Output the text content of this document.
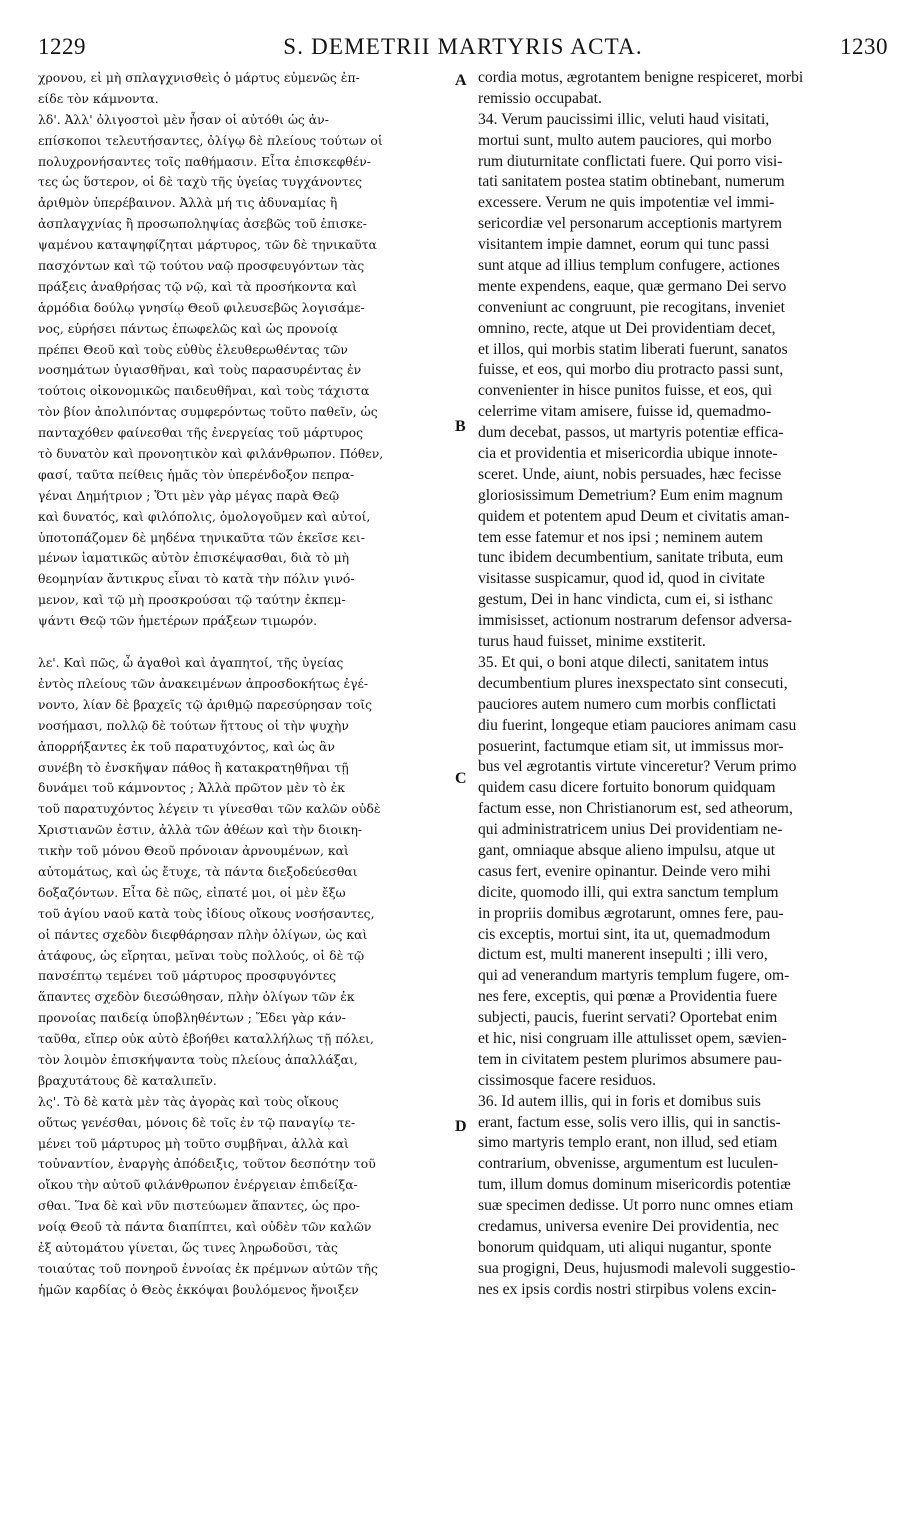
1229	S. DEMETRII MARTYRIS ACTA.	1230
χρονου, εἰ μὴ σπλαγχνισθεὶς ὁ μάρτυς εὐμενῶς ἐπ-
είδε τὸν κάμνοντα.
λδ'. Ἀλλ' ὀλιγοστοὶ μὲν ἦσαν οἱ αὐτόθι ὡς ἀν-
επίσκοποι τελευτήσαντες, ὀλίγῳ δὲ πλείους τούτων οἱ
πολυχρονήσαντες τοῖς παθήμασιν. Εἶτα ἐπισκεφθέν-
τες ὡς ὕστερον, οἱ δὲ ταχὺ τῆς ὑγείας τυγχάνοντες
ἀριθμὸν ὑπερέβαινον. Ἀλλὰ μή τις ἀδυναμίας ἢ
ἀσπλαγχνίας ἢ προσωποληψίας ἀσεβῶς τοῦ ἐπισκε-
ψαμένου καταψηφίζηται μάρτυρος, τῶν δὲ τηνικαῦτα
πασχόντων καὶ τῷ τούτου ναῷ προσφευγόντων τὰς
πράξεις ἀναθρήσας τῷ νῷ, καὶ τὰ προσήκοντα καὶ
ἁρμόδια δούλῳ γνησίῳ Θεοῦ φιλευσεβῶς λογισάμε-
νος, εὑρήσει πάντως ἐπωφελῶς καὶ ὡς προνοίᾳ
πρέπει Θεοῦ καὶ τοὺς εὐθὺς ἐλευθερωθέντας τῶν
νοσημάτων ὑγιασθῆναι, καὶ τοὺς παρασυρέντας ἐν
τούτοις οἰκονομικῶς παιδευθῆναι, καὶ τοὺς τάχιστα
τὸν βίον ἀπολιπόντας συμφερόντως τοῦτο παθεῖν, ὡς
πανταχόθεν φαίνεσθαι τῆς ἐνεργείας τοῦ μάρτυρος
τὸ δυνατὸν καὶ προνοητικὸν καὶ φιλάνθρωπον. Πόθεν,
φασί, ταῦτα πείθεις ἡμᾶς τὸν ὑπερένδοξον πεπρα-
γέναι Δημήτριον ; Ὅτι μὲν γὰρ μέγας παρὰ Θεῷ
καὶ δυνατός, καὶ φιλόπολις, ὁμολογοῦμεν καὶ αὐτοί,
ὑποτοπάζομεν δὲ μηδένα τηνικαῦτα τῶν ἐκεῖσε κει-
μένων ἰαματικῶς αὐτὸν ἐπισκέψασθαι, διὰ τὸ μὴ
θεομηνίαν ἄντικρυς εἶναι τὸ κατὰ τὴν πόλιν γινό-
μενον, καὶ τῷ μὴ προσκρούσαι τῷ ταύτην ἐκπεμ-
ψάντι Θεῷ τῶν ἡμετέρων πράξεων τιμωρόν.
λε'. Καὶ πῶς, ὦ ἀγαθοὶ καὶ ἀγαπητοί, τῆς ὑγείας
ἐντὸς πλείους τῶν ἀνακειμένων ἀπροσδοκήτως ἐγέ-
νοντο, λίαν δὲ βραχεῖς τῷ ἀριθμῷ παρεσύρησαν τοῖς
νοσήμασι, πολλῷ δὲ τούτων ἥττους οἱ τὴν ψυχὴν
ἀπορρήξαντες ἐκ τοῦ παρατυχόντος, καὶ ὡς ἂν
συνέβη τὸ ἐνσκῆψαν πάθος ἢ κατακρατηθῆναι τῇ
δυνάμει τοῦ κάμνοντος ; Ἀλλὰ πρῶτον μὲν τὸ ἐκ
τοῦ παρατυχόντος λέγειν τι γίνεσθαι τῶν καλῶν οὐδὲ
Χριστιανῶν ἐστιν, ἀλλὰ τῶν ἀθέων καὶ τὴν διοικη-
τικὴν τοῦ μόνου Θεοῦ πρόνοιαν ἀρνουμένων, καὶ
αὐτομάτως, καὶ ὡς ἔτυχε, τὰ πάντα διεξοδεύεσθαι
δοξαζόντων. Εἶτα δὲ πῶς, εἰπατέ μοι, οἱ μὲν ἔξω
τοῦ ἁγίου ναοῦ κατὰ τοὺς ἰδίους οἴκους νοσήσαντες,
οἱ πάντες σχεδὸν διεφθάρησαν πλὴν ὀλίγων, ὡς καὶ
ἀτάφους, ὡς εἴρηται, μεῖναι τοὺς πολλούς, οἱ δὲ τῷ
πανσέπτῳ τεμένει τοῦ μάρτυρος προσφυγόντες
ἅπαντες σχεδὸν διεσώθησαν, πλὴν ὀλίγων τῶν ἐκ
προνοίας παιδείᾳ ὑποβληθέντων ; Ἔδει γὰρ κάν-
ταῦθα, εἴπερ οὐκ αὐτὸ ἐβοήθει καταλλήλως τῇ πόλει,
τὸν λοιμὸν ἐπισκήψαντα τοὺς πλείους ἀπαλλάξαι,
βραχυτάτους δὲ καταλιπεῖν.
λς'. Τὸ δὲ κατὰ μὲν τὰς ἀγορὰς καὶ τοὺς οἴκους
οὕτως γενέσθαι, μόνοις δὲ τοῖς ἐν τῷ παναγίῳ τε-
μένει τοῦ μάρτυρος μὴ τοῦτο συμβῆναι, ἀλλὰ καὶ
τοὐναντίον, ἐναργὴς ἀπόδειξις, τοῦτον δεσπότην τοῦ
οἴκου τὴν αὐτοῦ φιλάνθρωπον ἐνέργειαν ἐπιδείξα-
σθαι. Ἵνα δὲ καὶ νῦν πιστεύωμεν ἅπαντες, ὡς προ-
νοίᾳ Θεοῦ τὰ πάντα διαπίπτει, καὶ οὐδὲν τῶν καλῶν
ἐξ αὐτομάτου γίνεται, ὥς τινες ληρωδοῦσι, τὰς
τοιαύτας τοῦ πονηροῦ ἐννοίας ἐκ πρέμνων αὐτῶν τῆς
ἡμῶν καρδίας ὁ Θεὸς ἐκκόψαι βουλόμενος ἤνοιξεν
cordia motus, ægrotantem benigne respiceret, morbi
remissio occupabat.
34. Verum paucissimi illic, veluti haud visitati,
mortui sunt, multo autem pauciores, qui morbo
rum diuturnitate conflictati fuere. Qui porro visi-
tati sanitatem postea statim obtinebant, numerum
excessere. Verum ne quis impotentiæ vel immi-
sericordiæ vel personarum acceptionis martyrem
visitantem impie damnet, eorum qui tunc passi
sunt atque ad illius templum confugere, actiones
mente expendens, eaque, quæ germano Dei servo
conveniunt ac congruunt, pie recogitans, inveniet
omnino, recte, atque ut Dei providentiam decet,
et illos, qui morbis statim liberati fuerunt, sanatos
fuisse, et eos, qui morbo diu protracto passi sunt,
convenienter in hisce punitos fuisse, et eos, qui
celerrime vitam amisere, fuisse id, quemadmo-
dum decebat, passos, ut martyris potentiæ effica-
cia et providentia et misericordia ubique innote-
sceret. Unde, aiunt, nobis persuades, hæc fecisse
gloriosissimum Demetrium? Eum enim magnum
quidem et potentem apud Deum et civitatis aman-
tem esse fatemur et nos ipsi ; neminem autem
tunc ibidem decumbentium, sanitate tributa, eum
visitasse suspicamur, quod id, quod in civitate
gestum, Dei in hanc vindicta, cum ei, si isthanc
immisisset, actionum nostrarum defensor adversa-
turus haud fuisset, minime exstiterit.
35. Et qui, o boni atque dilecti, sanitatem intus
decumbentium plures inexspectato sint consecuti,
pauciores autem numero cum morbis conflictati
diu fuerint, longeque etiam pauciores animam casu
posuerint, factumque etiam sit, ut immissus mor-
bus vel ægrotantis virtute vinceretur? Verum primo
quidem casu dicere fortuito bonorum quidquam
factum esse, non Christianorum est, sed atheorum,
qui administratricem unius Dei providentiam ne-
gant, omniaque absque alieno impulsu, atque ut
casus fert, evenire opinantur. Deinde vero mihi
dicite, quomodo illi, qui extra sanctum templum
in propriis domibus ægrotarunt, omnes fere, pau-
cis exceptis, mortui sint, ita ut, quemadmodum
dictum est, multi manerent insepulti ; illi vero,
qui ad venerandum martyris templum fugere, om-
nes fere, exceptis, qui pœnæ a Providentia fuere
subjecti, paucis, fuerint servati? Oportebat enim
et hic, nisi congruam ille attulisset opem, sævien-
tem in civitatem pestem plurimos absumere pau-
cissimosque facere residuos.
36. Id autem illis, qui in foris et domibus suis
erant, factum esse, solis vero illis, qui in sanctis-
simo martyris templo erant, non illud, sed etiam
contrarium, obvenisse, argumentum est luculen-
tum, illum domus dominum misericordis potentiæ
suæ specimen dedisse. Ut porro nunc omnes etiam
credamus, universa evenire Dei providentia, nec
bonorum quidquam, uti aliqui nugantur, sponte
sua progigni, Deus, hujusmodi malevoli suggestio-
nes ex ipsis cordis nostri stirpibus volens excin-
A
B
C
D
